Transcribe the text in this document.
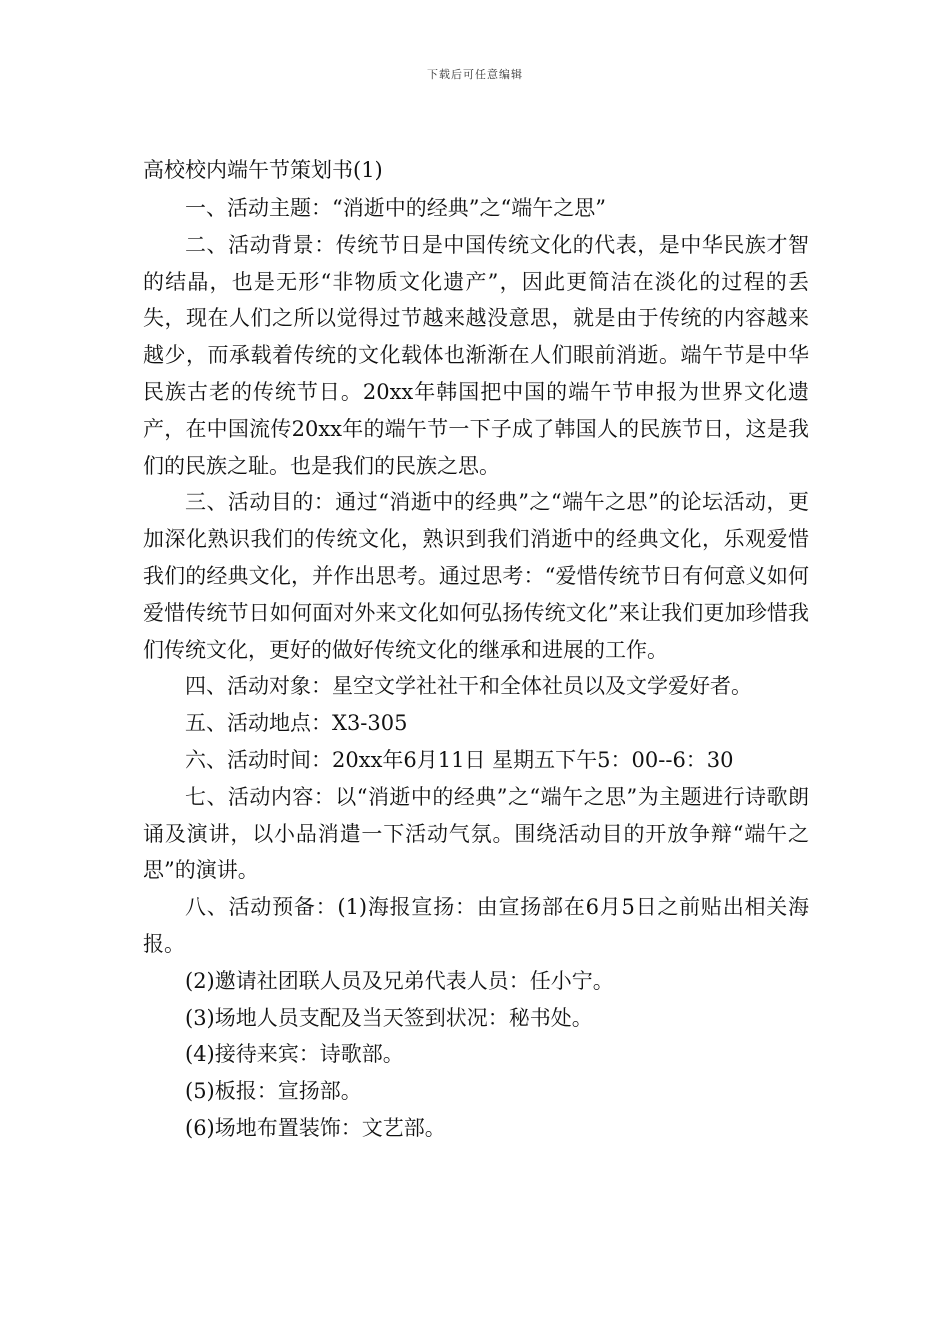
下载后可任意编辑
高校校内端午节策划书(1)

一、活动主题：“消逝中的经典”之“端午之思”

二、活动背景：传统节日是中国传统文化的代表，是中华民族才智的结晶，也是无形“非物质文化遗产”，因此更简洁在淡化的过程的丢失，现在人们之所以觉得过节越来越没意思，就是由于传统的内容越来越少，而承载着传统的文化载体也渐渐在人们眼前消逝。端午节是中华民族古老的传统节日。20xx年韩国把中国的端午节申报为世界文化遗产，在中国流传20xx年的端午节一下子成了韩国人的民族节日，这是我们的民族之耻。也是我们的民族之思。

三、活动目的：通过“消逝中的经典”之“端午之思”的论坛活动，更加深化熟识我们的传统文化，熟识到我们消逝中的经典文化，乐观爱惜我们的经典文化，并作出思考。通过思考：“爱惜传统节日有何意义如何爱惜传统节日如何面对外来文化如何弘扬传统文化”来让我们更加珍惜我们传统文化，更好的做好传统文化的继承和进展的工作。

四、活动对象：星空文学社社干和全体社员以及文学爱好者。

五、活动地点：X3-305

六、活动时间：20xx年6月11日 星期五下午5：00--6：30

七、活动内容：以“消逝中的经典”之“端午之思”为主题进行诗歌朗诵及演讲，以小品消遣一下活动气氛。围绕活动目的开放争辩“端午之思”的演讲。

八、活动预备：(1)海报宣扬：由宣扬部在6月5日之前贴出相关海报。

(2)邀请社团联人员及兄弟代表人员：任小宁。

(3)场地人员支配及当天签到状况：秘书处。

(4)接待来宾：诗歌部。

(5)板报：宣扬部。

(6)场地布置装饰：文艺部。
